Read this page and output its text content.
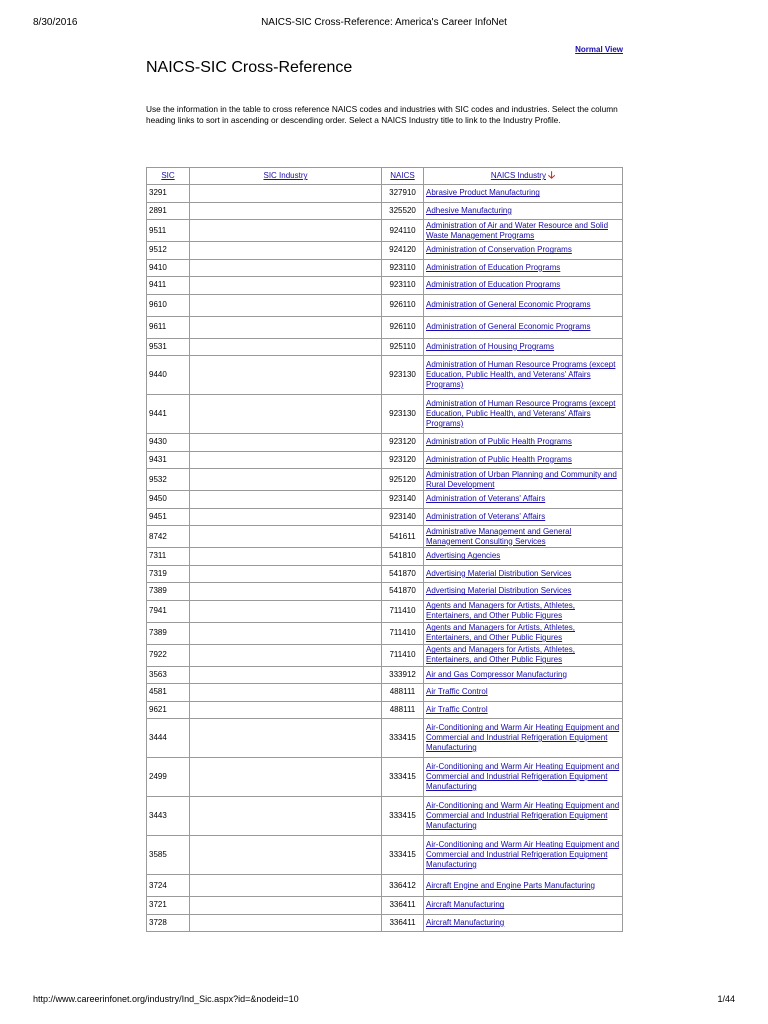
8/30/2016	NAICS-SIC Cross-Reference: America's Career InfoNet
Normal View
NAICS-SIC Cross-Reference
Use the information in the table to cross reference NAICS codes and industries with SIC codes and industries. Select the column heading links to sort in ascending or descending order. Select a NAICS Industry title to link to the Industry Profile.
SIC	SIC Industry	NAICS	NAICS Industry 🡣
3291		327910	Abrasive Product Manufacturing
2891		325520	Adhesive Manufacturing
9511		924110	Administration of Air and Water Resource and Solid Waste Management Programs
9512		924120	Administration of Conservation Programs
9410		923110	Administration of Education Programs
9411		923110	Administration of Education Programs
9610		926110	Administration of General Economic Programs
9611		926110	Administration of General Economic Programs
9531		925110	Administration of Housing Programs
9440		923130	Administration of Human Resource Programs (except Education, Public Health, and Veterans' Affairs Programs)
9441		923130	Administration of Human Resource Programs (except Education, Public Health, and Veterans' Affairs Programs)
9430		923120	Administration of Public Health Programs
9431		923120	Administration of Public Health Programs
9532		925120	Administration of Urban Planning and Community and Rural Development
9450		923140	Administration of Veterans' Affairs
9451		923140	Administration of Veterans' Affairs
8742		541611	Administrative Management and General Management Consulting Services
7311		541810	Advertising Agencies
7319		541870	Advertising Material Distribution Services
7389		541870	Advertising Material Distribution Services
7941		711410	Agents and Managers for Artists, Athletes, Entertainers, and Other Public Figures
7389		711410	Agents and Managers for Artists, Athletes, Entertainers, and Other Public Figures
7922		711410	Agents and Managers for Artists, Athletes, Entertainers, and Other Public Figures
3563		333912	Air and Gas Compressor Manufacturing
4581		488111	Air Traffic Control
9621		488111	Air Traffic Control
3444		333415	Air-Conditioning and Warm Air Heating Equipment and Commercial and Industrial Refrigeration Equipment Manufacturing
2499		333415	Air-Conditioning and Warm Air Heating Equipment and Commercial and Industrial Refrigeration Equipment Manufacturing
3443		333415	Air-Conditioning and Warm Air Heating Equipment and Commercial and Industrial Refrigeration Equipment Manufacturing
3585		333415	Air-Conditioning and Warm Air Heating Equipment and Commercial and Industrial Refrigeration Equipment Manufacturing
3724		336412	Aircraft Engine and Engine Parts Manufacturing
3721		336411	Aircraft Manufacturing
3728		336411	Aircraft Manufacturing
http://www.careerinfonet.org/industry/Ind_Sic.aspx?id=&nodeid=10	1/44
